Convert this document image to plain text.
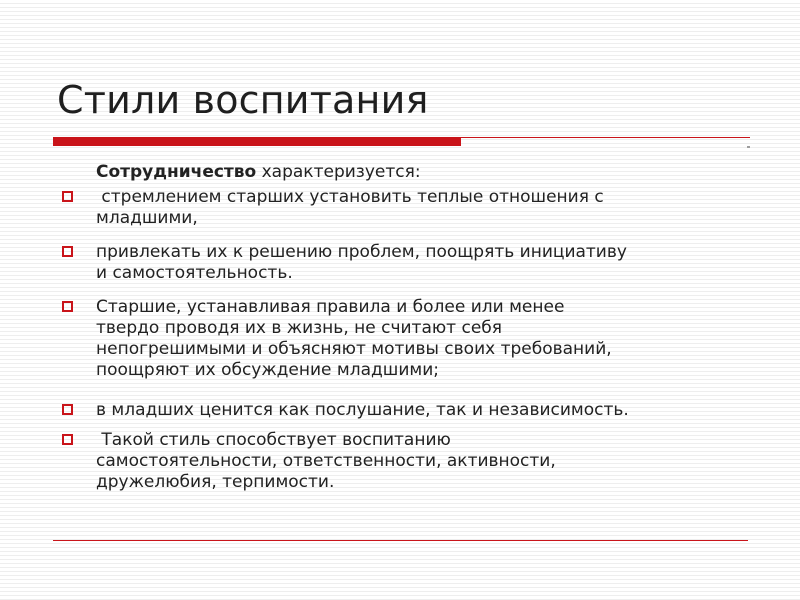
Стили воспитания
Сотрудничество характеризуется:
стремлением старших установить теплые отношения с
младшими,
привлекать их к решению проблем, поощрять инициативу
и самостоятельность.
Старшие, устанавливая правила и более или менее
твердо проводя их в жизнь, не считают себя
непогрешимыми и объясняют мотивы своих требований,
поощряют их обсуждение младшими;
в младших ценится как послушание, так и независимость.
Такой стиль способствует воспитанию
самостоятельности, ответственности, активности,
дружелюбия, терпимости.
